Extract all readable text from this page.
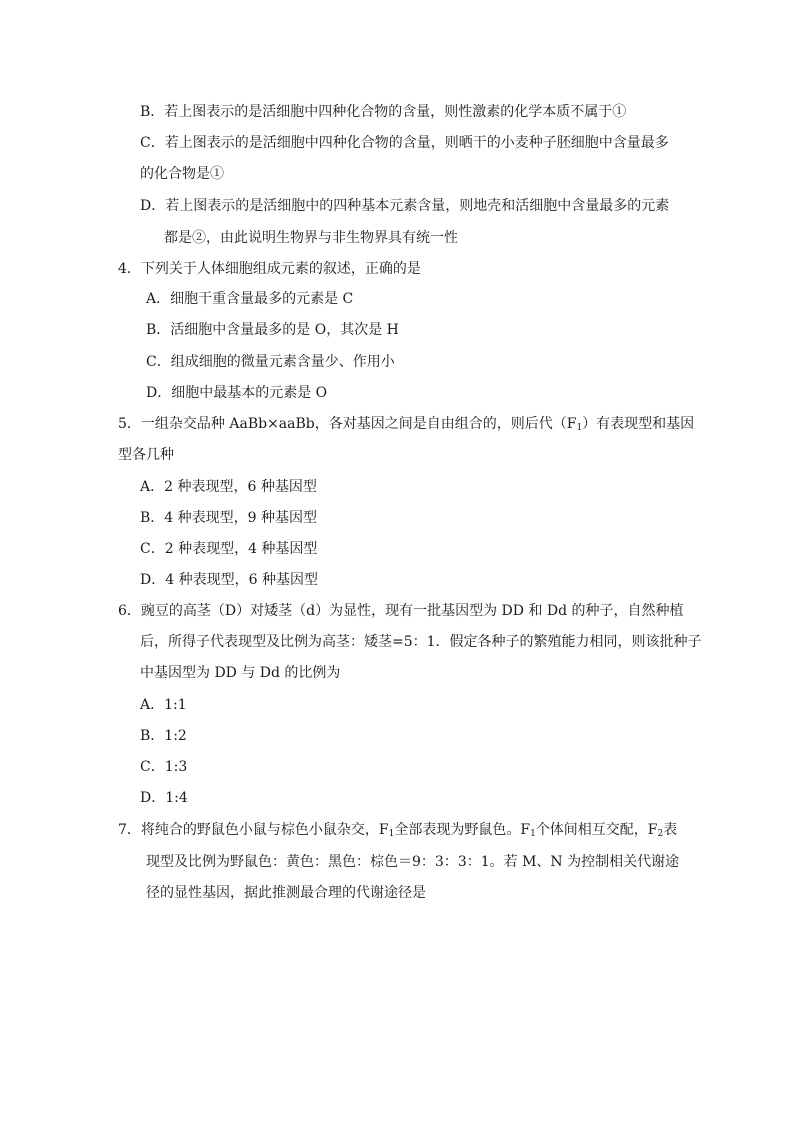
B．若上图表示的是活细胞中四种化合物的含量，则性激素的化学本质不属于①
C．若上图表示的是活细胞中四种化合物的含量，则晒干的小麦种子胚细胞中含量最多
的化合物是①
D．若上图表示的是活细胞中的四种基本元素含量，则地壳和活细胞中含量最多的元素
都是②，由此说明生物界与非生物界具有统一性
4．下列关于人体细胞组成元素的叙述，正确的是
A．细胞干重含量最多的元素是 C
B．活细胞中含量最多的是 O，其次是 H
C．组成细胞的微量元素含量少、作用小
D．细胞中最基本的元素是 O
5．一组杂交品种 AaBb×aaBb，各对基因之间是自由组合的，则后代$(F_1)$有表现型和基因
型各几种
A．2 种表现型，6 种基因型
B．4 种表现型，9 种基因型
C．2 种表现型，4 种基因型
D．4 种表现型，6 种基因型
6．豌豆的高茎（D）对矮茎（d）为显性，现有一批基因型为 DD 和 Dd 的种子，自然种植
后，所得子代表现型及比例为高茎：矮茎=5：1．假定各种子的繁殖能力相同，则该批种子
中基因型为 DD 与 Dd 的比例为
A．1:1
B．1:2
C．1:3
D．1:4
7．将纯合的野鼠色小鼠与棕色小鼠杂交，$F_1$全部表现为野鼠色。$F_1$个体间相互交配，$F_2$表
现型及比例为野鼠色：黄色：黑色：棕色＝9：3：3：1。若 M、N 为控制相关代谢途
径的显性基因，据此推测最合理的代谢途径是
